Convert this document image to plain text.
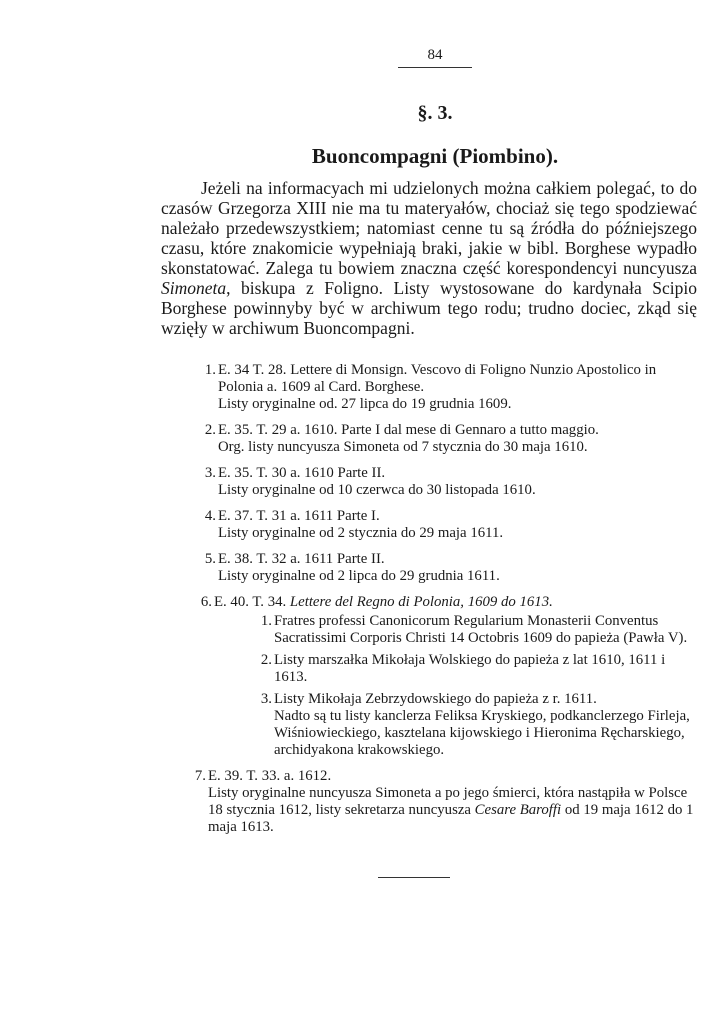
84
§. 3.
Buoncompagni (Piombino).

Jeżeli na informacyach mi udzielonych można całkiem polegać, to do czasów Grzegorza XIII nie ma tu materyałów, chociaż się tego spodziewać należało przedewszystkiem; natomiast cenne tu są źródła do późniejszego czasu, które znakomicie wypełniają braki, jakie w bibl. Borghese wypadło skonstatować. Zalega tu bowiem znaczna część korespondencyi nuncyusza Simoneta, biskupa z Foligno. Listy wystosowane do kardynała Scipio Borghese powinnyby być w archiwum tego rodu; trudno dociec, zkąd się wzięły w archiwum Buoncompagni.

1. E. 34 T. 28. Lettere di Monsign. Vescovo di Foligno Nunzio Apostolico in Polonia a. 1609 al Card. Borghese.
Listy oryginalne od. 27 lipca do 19 grudnia 1609.
2. E. 35. T. 29 a. 1610. Parte I dal mese di Gennaro a tutto maggio.
Org. listy nuncyusza Simoneta od 7 stycznia do 30 maja 1610.
3. E. 35. T. 30 a. 1610 Parte II.
Listy oryginalne od 10 czerwca do 30 listopada 1610.
4. E. 37. T. 31 a. 1611 Parte I.
Listy oryginalne od 2 stycznia do 29 maja 1611.
5. E. 38. T. 32 a. 1611 Parte II.
Listy oryginalne od 2 lipca do 29 grudnia 1611.
6. E. 40. T. 34. Lettere del Regno di Polonia, 1609 do 1613.
1. Fratres professi Canonicorum Regularium Monasterii Conventus Sacratissimi Corporis Christi 14 Octobris 1609 do papieża (Pawła V).
2. Listy marszałka Mikołaja Wolskiego do papieża z lat 1610, 1611 i 1613.
3. Listy Mikołaja Zebrzydowskiego do papieża z r. 1611.
Nadto są tu listy kanclerza Feliksa Kryskiego, podkanclerzego Firleja, Wiśniowieckiego, kasztelana kijowskiego i Hieronima Ręcharskiego, archidyakona krakowskiego.
7. E. 39. T. 33. a. 1612.
Listy oryginalne nuncyusza Simoneta a po jego śmierci, która nastąpiła w Polsce 18 stycznia 1612, listy sekretarza nuncyusza Cesare Baroffi od 19 maja 1612 do 1 maja 1613.
